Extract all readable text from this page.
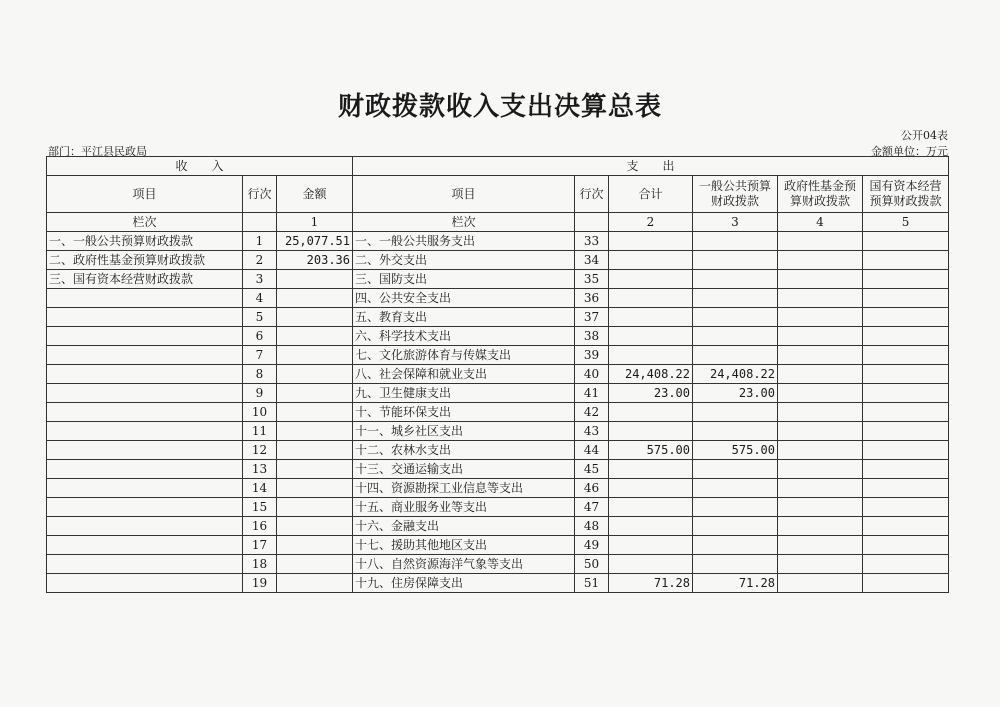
财政拨款收入支出决算总表
公开04表
部门：平江县民政局	金额单位：万元
收　　入			支　　出					
项目	行次	金额	项目	行次	合计	一般公共预算财政拨款	政府性基金预算财政拨款	国有资本经营预算财政拨款
栏次		1	栏次		2	3	4	5
一、一般公共预算财政拨款	1	25,077.51	一、一般公共服务支出	33				
二、政府性基金预算财政拨款	2	203.36	二、外交支出	34				
三、国有资本经营财政拨款	3		三、国防支出	35				
	4		四、公共安全支出	36				
	5		五、教育支出	37				
	6		六、科学技术支出	38				
	7		七、文化旅游体育与传媒支出	39				
	8		八、社会保障和就业支出	40	24,408.22	24,408.22		
	9		九、卫生健康支出	41	23.00	23.00		
	10		十、节能环保支出	42				
	11		十一、城乡社区支出	43				
	12		十二、农林水支出	44	575.00	575.00		
	13		十三、交通运输支出	45				
	14		十四、资源勘探工业信息等支出	46				
	15		十五、商业服务业等支出	47				
	16		十六、金融支出	48				
	17		十七、援助其他地区支出	49				
	18		十八、自然资源海洋气象等支出	50				
	19		十九、住房保障支出	51	71.28	71.28		
